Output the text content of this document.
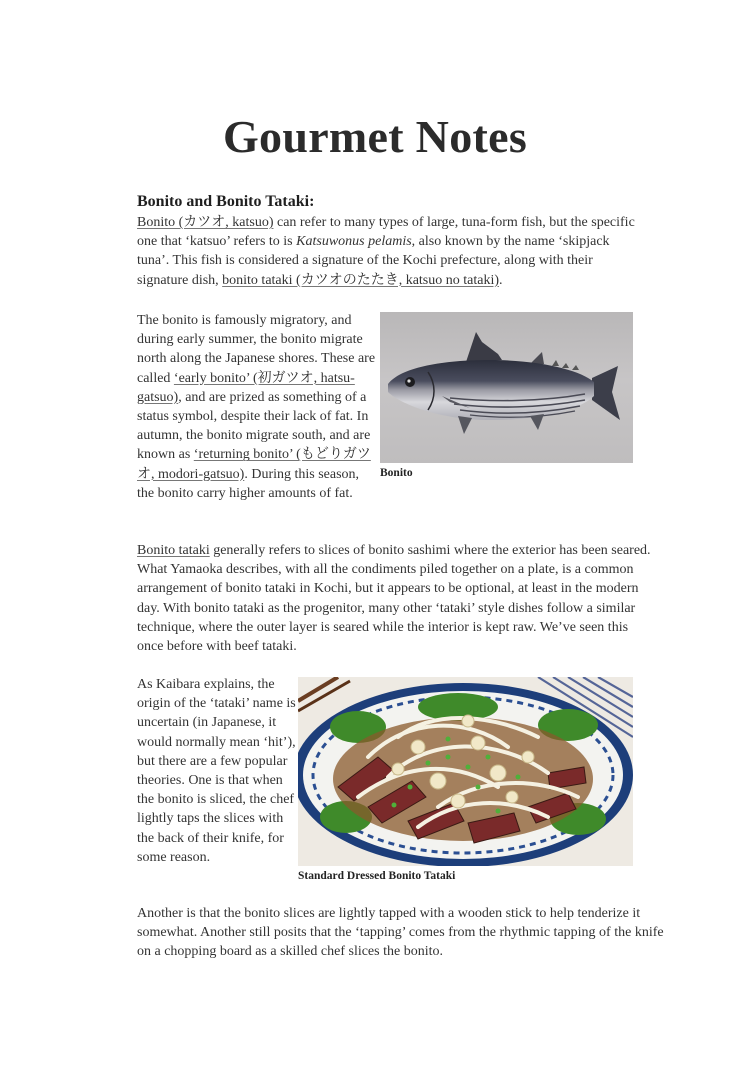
Gourmet Notes
Bonito and Bonito Tataki:

Bonito (カツオ, katsuo) can refer to many types of large, tuna-form fish, but the specific one that ‘katsuo’ refers to is Katsuwonus pelamis, also known by the name ‘skipjack tuna’. This fish is considered a signature of the Kochi prefecture, along with their signature dish, bonito tataki (カツオのたたき, katsuo no tataki).

The bonito is famously migratory, and during early summer, the bonito migrate north along the Japanese shores. These are called ‘early bonito’ (初ガツオ, hatsu-gatsuo), and are prized as something of a status symbol, despite their lack of fat. In autumn, the bonito migrate south, and are known as ‘returning bonito’ (もどりガツオ, modori-gatsuo). During this season, the bonito carry higher amounts of fat.

Bonito

Bonito tataki generally refers to slices of bonito sashimi where the exterior has been seared. What Yamaoka describes, with all the condiments piled together on a plate, is a common arrangement of bonito tataki in Kochi, but it appears to be optional, at least in the modern day. With bonito tataki as the progenitor, many other ‘tataki’ style dishes follow a similar technique, where the outer layer is seared while the interior is kept raw. We’ve seen this once before with beef tataki.

As Kaibara explains, the origin of the ‘tataki’ name is uncertain (in Japanese, it would normally mean ‘hit’), but there are a few popular theories. One is that when the bonito is sliced, the chef lightly taps the slices with the back of their knife, for some reason.

Standard Dressed Bonito Tataki

Another is that the bonito slices are lightly tapped with a wooden stick to help tenderize it somewhat. Another still posits that the ‘tapping’ comes from the rhythmic tapping of the knife on a chopping board as a skilled chef slices the bonito.
